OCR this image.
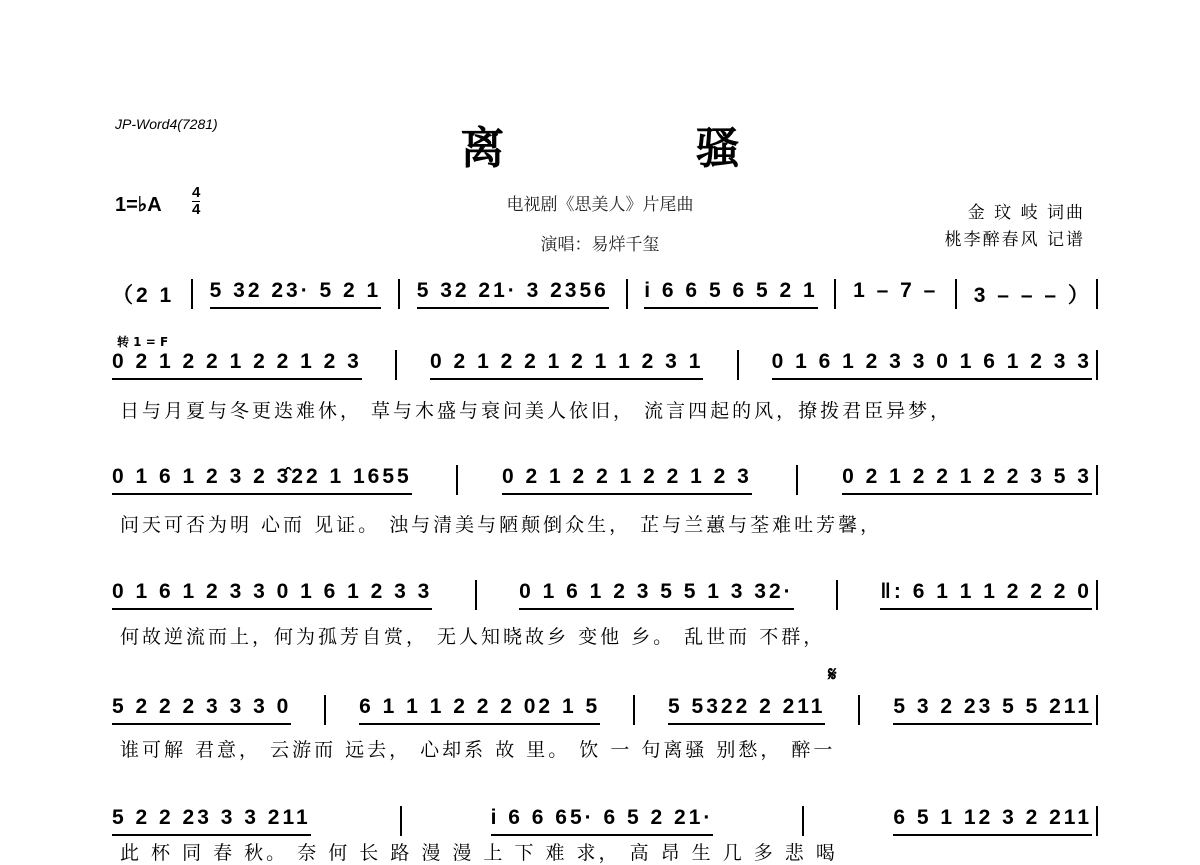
JP-Word4(7281)	离 骚
电视剧《思美人》片尾曲
演唱：易烊千玺
金 玟 岐 词曲
桃李醉春风 记谱
1=♭A
4
4
转 1 = F
𝄋
（2 1 5 32 23· 5 2 1 5 32 21· 3 2356 i 6 6 5 6 5 2 1 1 – 7 – 3 – – – ）
0 2 1 2 2 1 2 2 1 2 3	0 2 1 2 2 1 2 1 1 2 3 1	0 1 6 1 2 3 3 0 1 6 1 2 3 3
日与月夏与冬更迭难休， 草与木盛与衰问美人依旧， 流言四起的风，撩拨君臣异梦，
0 1 6 1 2 3 2 3̂22 1 1655	0 2 1 2 2 1 2 2 1 2 3	0 2 1 2 2 1 2 2 3 5 3
问天可否为明 心而 见证。 浊与清美与陋颠倒众生， 芷与兰蕙与荃难吐芳馨，
0 1 6 1 2 3 3 0 1 6 1 2 3 3	0 1 6 1 2 3 5 5 1 3 32·	‖: 6 1 1 1 2 2 2 0
何故逆流而上，何为孤芳自赏， 无人知晓故乡 变他 乡。 乱世而 不群，
5 2 2 2 3 3 3 0	6 1 1 1 2 2 2 02 1 5	5 5322 2 211	5 3 2 23 5 5 211
谁可解 君意， 云游而 远去， 心却系 故 里。 饮 一 句离骚 别愁， 醉一
5 2 2 23 3 3 211	i 6 6 65· 6 5 2 21·	6 5 1 12 3 2 211
此 杯 同 春 秋。 奈 何 长 路 漫 漫 上 下 难 求， 高 昂 生 几 多 悲 喝
